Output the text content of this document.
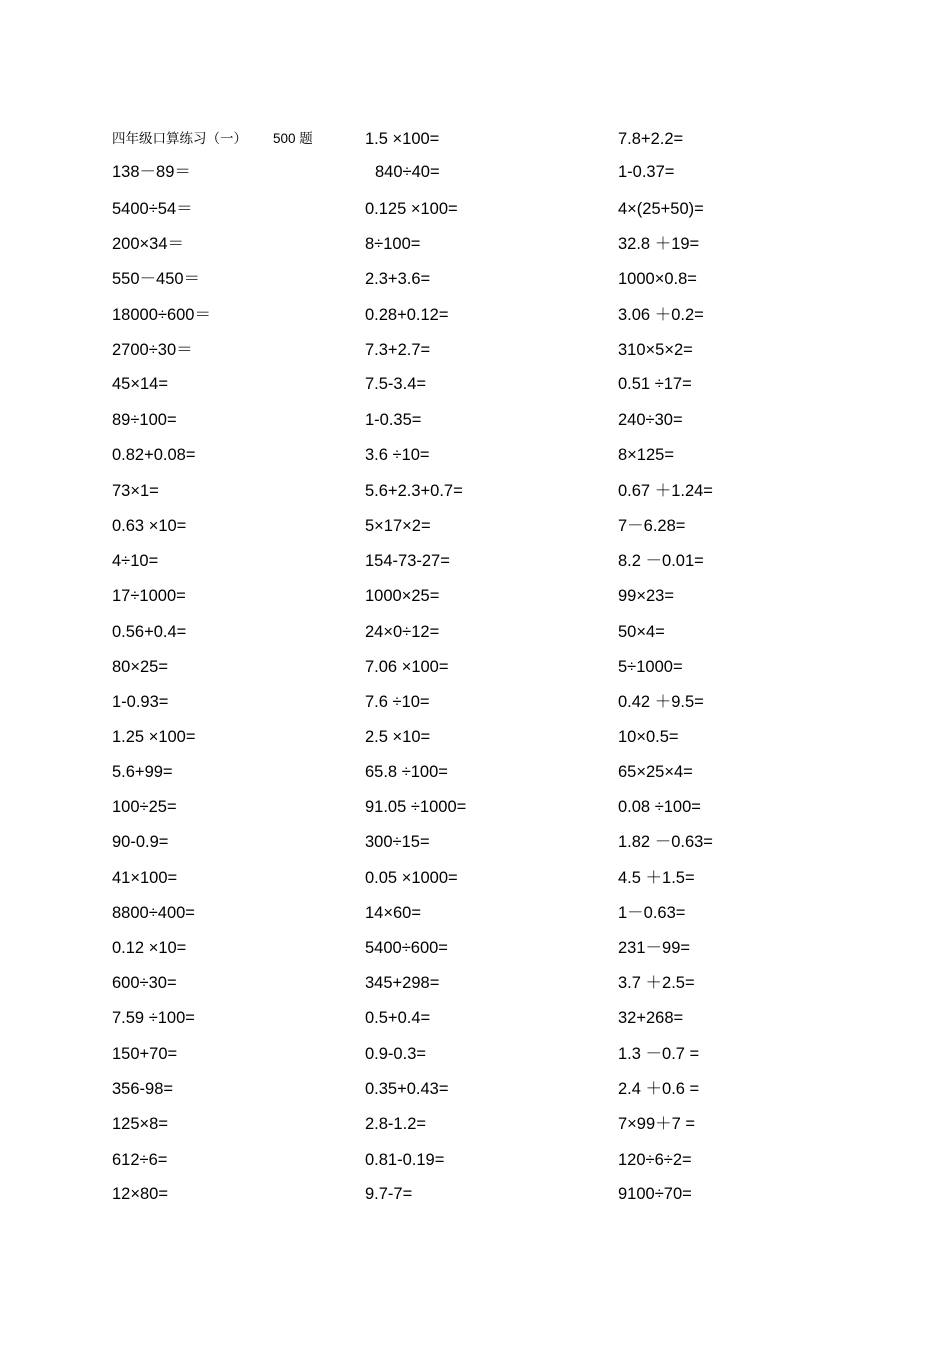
四年级口算练习（一） 500 题
138－89＝
5400÷54＝
200×34＝
550－450＝
18000÷600＝
2700÷30＝
45×14=
89÷100=
0.82+0.08=
73×1=
0.63 ×10=
4÷10=
17÷1000=
0.56+0.4=
80×25=
1-0.93=
1.25 ×100=
5.6+99=
100÷25=
90-0.9=
41×100=
8800÷400=
0.12 ×10=
600÷30=
7.59 ÷100=
150+70=
356-98=
125×8=
612÷6=
12×80=
1.5 ×100=
840÷40=
0.125 ×100=
8÷100=
2.3+3.6=
0.28+0.12=
7.3+2.7=
7.5-3.4=
1-0.35=
3.6 ÷10=
5.6+2.3+0.7=
5×17×2=
154-73-27=
1000×25=
24×0÷12=
7.06 ×100=
7.6 ÷10=
2.5 ×10=
65.8 ÷100=
91.05 ÷1000=
300÷15=
0.05 ×1000=
14×60=
5400÷600=
345+298=
0.5+0.4=
0.9-0.3=
0.35+0.43=
2.8-1.2=
0.81-0.19=
9.7-7=
7.8+2.2=
1-0.37=
4×(25+50)=
32.8 ＋19=
1000×0.8=
3.06 ＋0.2=
310×5×2=
0.51 ÷17=
240÷30=
8×125=
0.67 ＋1.24=
7－6.28=
8.2 －0.01=
99×23=
50×4=
5÷1000=
0.42 ＋9.5=
10×0.5=
65×25×4=
0.08 ÷100=
1.82 －0.63=
4.5 ＋1.5=
1－0.63=
231－99=
3.7 ＋2.5=
32+268=
1.3 －0.7 =
2.4 ＋0.6 =
7×99＋7 =
120÷6÷2=
9100÷70=
